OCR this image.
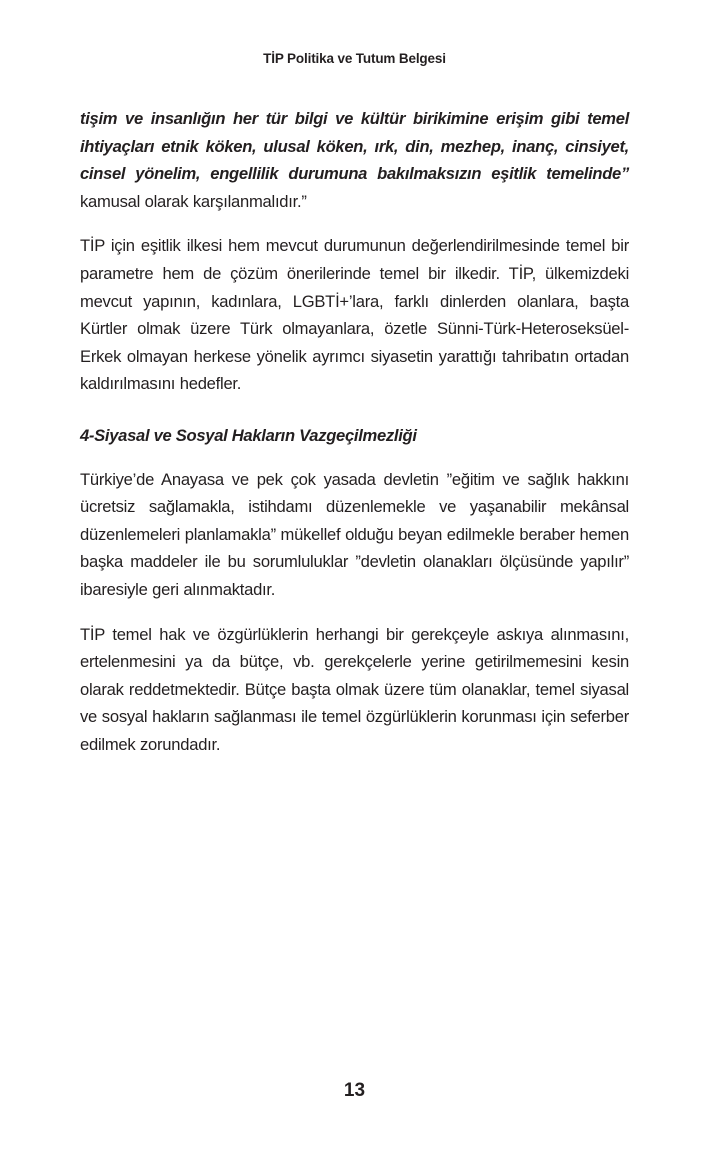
TİP Politika ve Tutum Belgesi

tişim ve insanlığın her tür bilgi ve kültür birikimine erişim gibi temel ihtiyaçları etnik köken, ulusal köken, ırk, din, mezhep, inanç, cinsiyet, cinsel yönelim, engellilik durumuna bakılmaksızın eşitlik temelinde” kamusal olarak karşılanmalıdır.”

TİP için eşitlik ilkesi hem mevcut durumunun değerlendirilmesinde temel bir parametre hem de çözüm önerilerinde temel bir ilkedir. TİP, ülkemizdeki mevcut yapının, kadınlara, LGBTİ+’lara, farklı dinlerden olanlara, başta Kürtler olmak üzere Türk olmayanlara, özetle Sünni-Türk-Heteroseksüel-Erkek olmayan herkese yönelik ayrımcı siyasetin yarattığı tahribatın ortadan kaldırılmasını hedefler.

4-Siyasal ve Sosyal Hakların Vazgeçilmezliği

Türkiye’de Anayasa ve pek çok yasada devletin ”eğitim ve sağlık hakkını ücretsiz sağlamakla, istihdamı düzenlemekle ve yaşanabilir mekânsal düzenlemeleri planlamakla” mükellef olduğu beyan edilmekle beraber hemen başka maddeler ile bu sorumluluklar ”devletin olanakları ölçüsünde yapılır” ibaresiyle geri alınmaktadır.

TİP temel hak ve özgürlüklerin herhangi bir gerekçeyle askıya alınmasını, ertelenmesini ya da bütçe, vb. gerekçelerle yerine getirilmemesini kesin olarak reddetmektedir. Bütçe başta olmak üzere tüm olanaklar, temel siyasal ve sosyal hakların sağlanması ile temel özgürlüklerin korunması için seferber edilmek zorundadır.

13
